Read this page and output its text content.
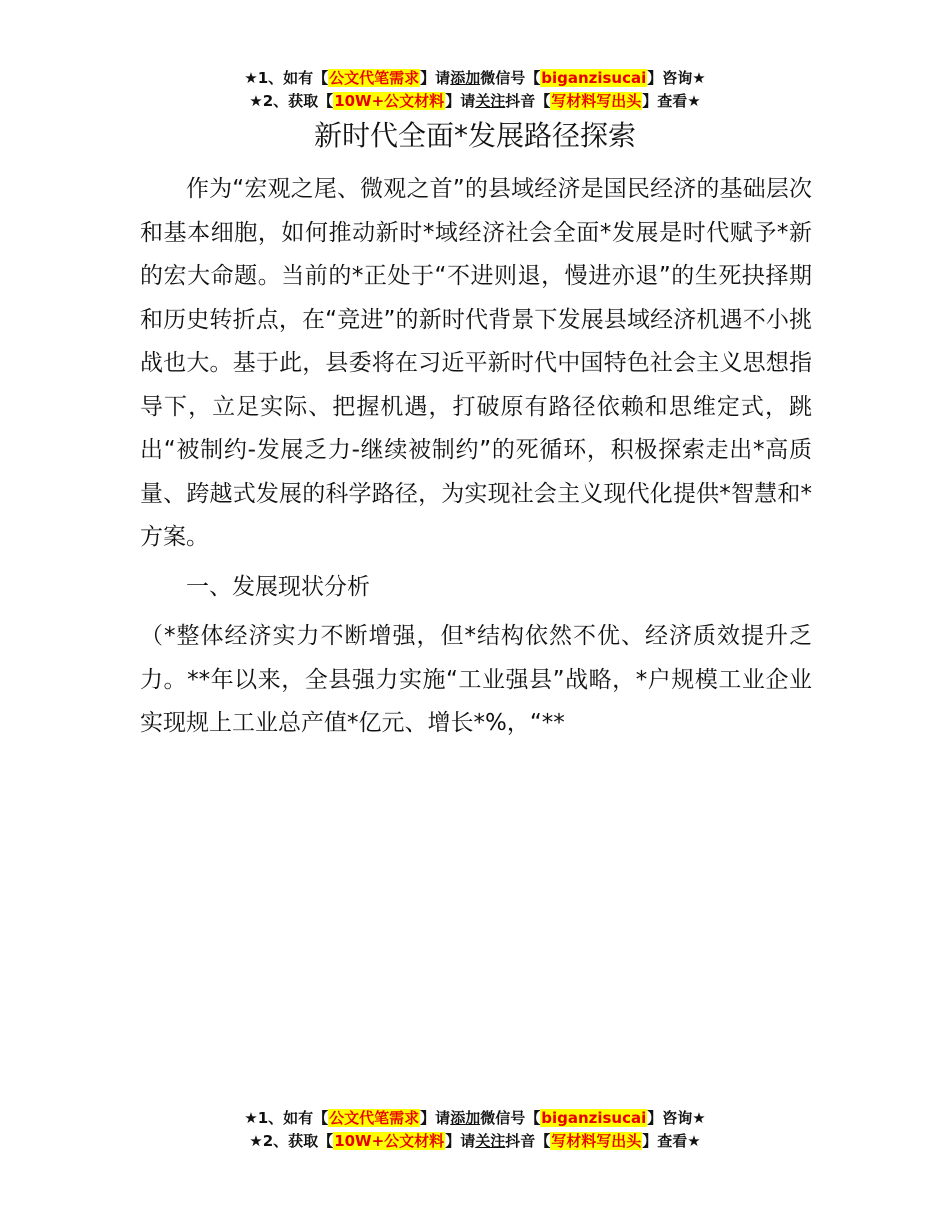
★1、如有【公文代笔需求】请添加微信号【biganzisucai】咨询★
★2、获取【10W+公文材料】请关注抖音【写材料写出头】查看★
新时代全面*发展路径探索

作为“宏观之尾、微观之首”的县域经济是国民经济的基础层次和基本细胞，如何推动新时*域经济社会全面*发展是时代赋予*新的宏大命题。当前的*正处于“不进则退，慢进亦退”的生死抉择期和历史转折点，在“竞进”的新时代背景下发展县域经济机遇不小挑战也大。基于此，县委将在习近平新时代中国特色社会主义思想指导下，立足实际、把握机遇，打破原有路径依赖和思维定式，跳出“被制约-发展乏力-继续被制约”的死循环，积极探索走出*高质量、跨越式发展的科学路径，为实现社会主义现代化提供*智慧和*方案。

一、发展现状分析

（*整体经济实力不断增强，但*结构依然不优、经济质效提升乏力。**年以来，全县强力实施“工业强县”战略，*户规模工业企业实现规上工业总产值*亿元、增长*%，“**

★1、如有【公文代笔需求】请添加微信号【biganzisucai】咨询★
★2、获取【10W+公文材料】请关注抖音【写材料写出头】查看★
